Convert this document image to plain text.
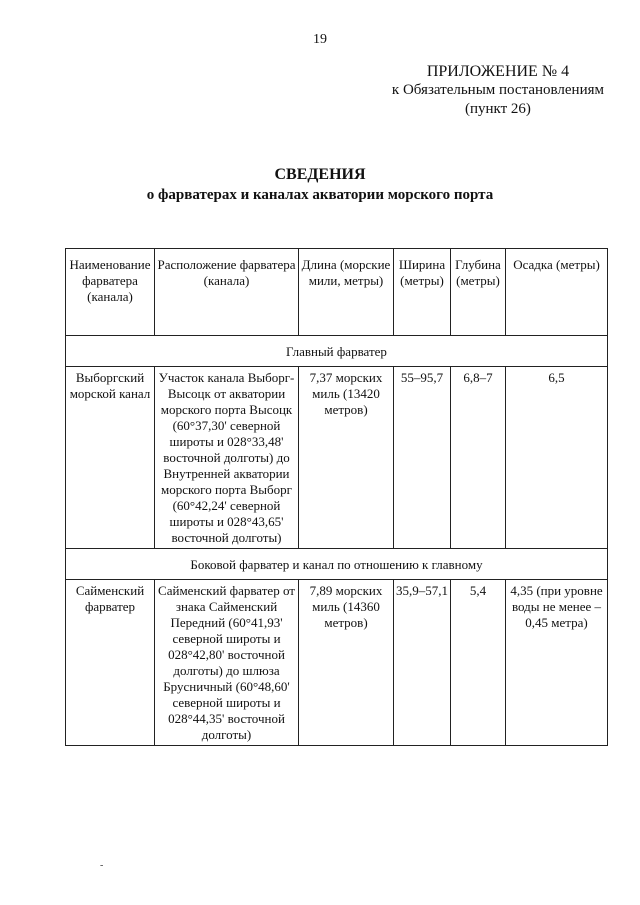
19
ПРИЛОЖЕНИЕ № 4
к Обязательным постановлениям
(пункт 26)
СВЕДЕНИЯ
о фарватерах и каналах акватории морского порта
Наименование фарватера (канала)	Расположение фарватера (канала)	Длина (морские мили, метры)	Ширина (метры)	Глубина (метры)	Осадка (метры)
Главный фарватер					
Выборгский морской канал	Участок канала Выборг-Высоцк от акватории морского порта Высоцк (60°37,30' северной широты и 028°33,48' восточной долготы) до Внутренней акватории морского порта Выборг (60°42,24' северной широты и 028°43,65' восточной долготы)	7,37 морских миль (13420 метров)	55–95,7	6,8–7	6,5
Боковой фарватер и канал по отношению к главному					
Сайменский фарватер	Сайменский фарватер от знака Сайменский Передний (60°41,93' северной широты и 028°42,80' восточной долготы) до шлюза Брусничный (60°48,60' северной широты и 028°44,35' восточной долготы)	7,89 морских миль (14360 метров)	35,9–57,1	5,4	4,35 (при уровне воды не менее –0,45 метра)
-
